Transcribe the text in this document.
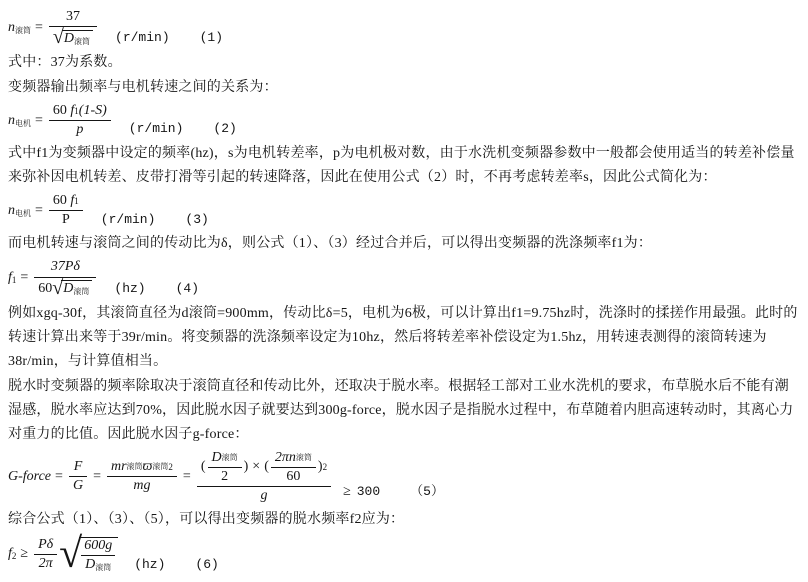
$n_{滚筒} = \frac{37}{√ D_{滚筒}} (r/\min)$ (1)

式中：37为系数。

变频器输出频率与电机转速之间的关系为：

$n_{电机} = 60$
f 1 (1-S)
p (r/min) (2)

式中f1为变频器中设定的频率(hz)，s为电机转差率，p为电机极对数，由于水洗机变频器参数中一般都会使用适当的转差补偿量来弥补因电机转差、皮带打滑等引起的转速降落，因此在使用公式（2）时，不再考虑转差率s，因此公式简化为：

$n_{电机} = 60$
f 1
P (r/min) (3)

而电机转速与滚筒之间的传动比为δ，则公式（1）、（3）经过合并后，可以得出变频器的洗涤频率f1为：

$f_1 = \frac{37P\delta}{60 √ D_{滚筒}} (hz)$ (4)

例如xgq-30f，其滚筒直径为d滚筒=900mm，传动比δ=5，电机为6极，可以计算出f1=9.75hz时，洗涤时的揉搓作用最强。此时的转速计算出来等于39r/min。将变频器的洗涤频率设定为10hz，然后将转差率补偿设定为1.5hz，用转速表测得的滚筒转速为38r/min，与计算值相当。

脱水时变频器的频率除取决于滚筒直径和传动比外，还取决于脱水率。根据轻工部对工业水洗机的要求，布草脱水后不能有潮湿感，脱水率应达到70%，因此脱水因子就要达到300g-force，脱水因子是指脱水过程中，布草随着内胆高速转动时，其离心力对重力的比值。因此脱水因子g-force：

G-force = $\frac{F}{G} = \frac{\text{mr 滚筒 ϖ 滚筒 2}}{mg}$ =
( $\frac{\text{D 滚筒}}{2}$ ) × ( $\frac{\text{2πn 滚筒}}{60}$ ) 2
g	≥ 300 （5）

综合公式（1）、（3）、（5），可以得出变频器的脱水频率f2应为：

$f_2 \ge \frac{P\delta}{2\pi}$ √ 600g
$D_{滚筒}$	(hz) (6)
